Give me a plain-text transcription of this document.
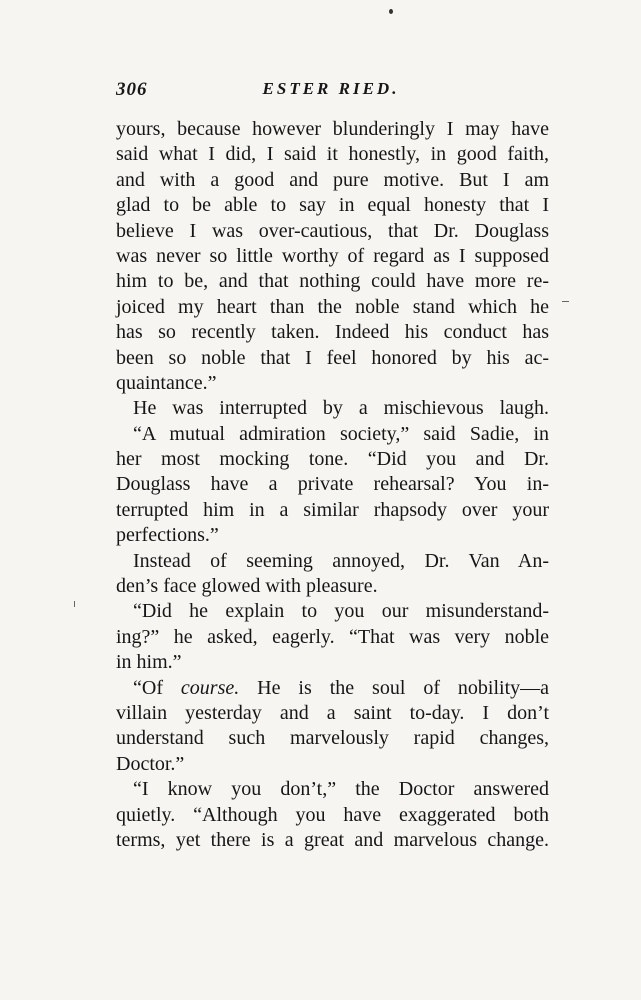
306	ESTER RIED.
yours, because however blunderingly I may have
said what I did, I said it honestly, in good faith,
and with a good and pure motive. But I am
glad to be able to say in equal honesty that I
believe I was over-cautious, that Dr. Douglass
was never so little worthy of regard as I supposed
him to be, and that nothing could have more re-
joiced my heart than the noble stand which he
has so recently taken. Indeed his conduct has
been so noble that I feel honored by his ac-
quaintance.”
He was interrupted by a mischievous laugh.
“A mutual admiration society,” said Sadie, in
her most mocking tone. “Did you and Dr.
Douglass have a private rehearsal? You in-
terrupted him in a similar rhapsody over your
perfections.”
Instead of seeming annoyed, Dr. Van An-
den’s face glowed with pleasure.
“Did he explain to you our misunderstand-
ing?” he asked, eagerly. “That was very noble
in him.”
“Of course. He is the soul of nobility—a
villain yesterday and a saint to-day. I don’t
understand such marvelously rapid changes,
Doctor.”
“I know you don’t,” the Doctor answered
quietly. “Although you have exaggerated both
terms, yet there is a great and marvelous change.
